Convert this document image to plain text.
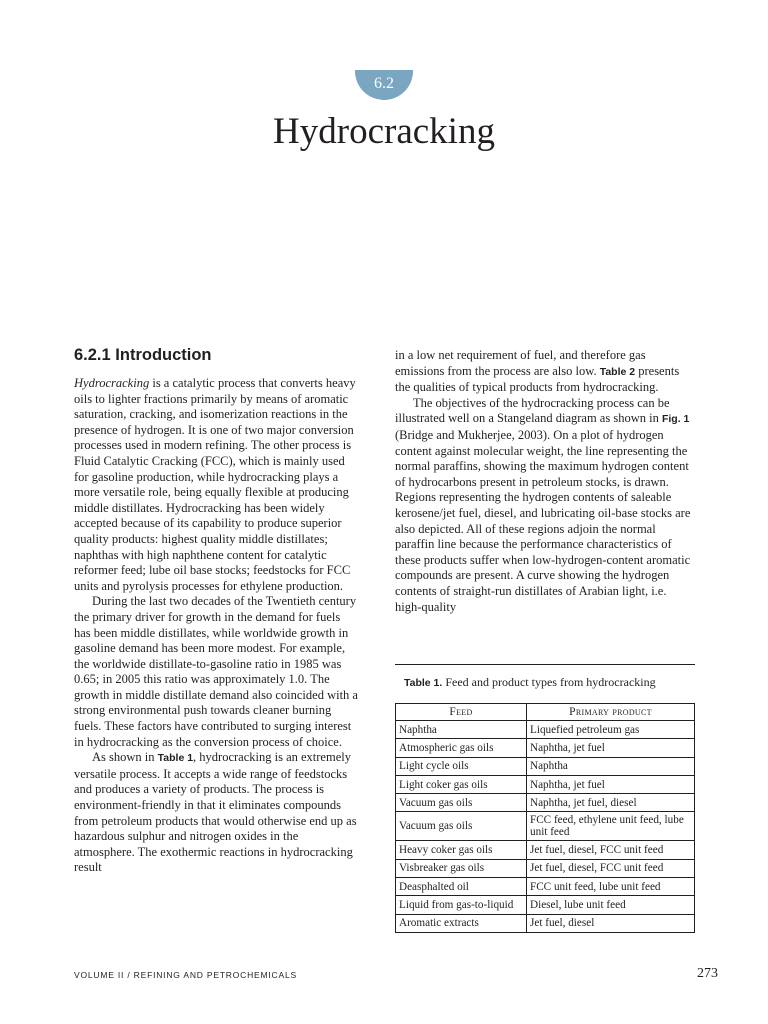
6.2
Hydrocracking
6.2.1 Introduction

Hydrocracking is a catalytic process that converts heavy oils to lighter fractions primarily by means of aromatic saturation, cracking, and isomerization reactions in the presence of hydrogen. It is one of two major conversion processes used in modern refining. The other process is Fluid Catalytic Cracking (FCC), which is mainly used for gasoline production, while hydrocracking plays a more versatile role, being equally flexible at producing middle distillates. Hydrocracking has been widely accepted because of its capability to produce superior quality products: highest quality middle distillates; naphthas with high naphthene content for catalytic reformer feed; lube oil base stocks; feedstocks for FCC units and pyrolysis processes for ethylene production.

During the last two decades of the Twentieth century the primary driver for growth in the demand for fuels has been middle distillates, while worldwide growth in gasoline demand has been more modest. For example, the worldwide distillate-to-gasoline ratio in 1985 was 0.65; in 2005 this ratio was approximately 1.0. The growth in middle distillate demand also coincided with a strong environmental push towards cleaner burning fuels. These factors have contributed to surging interest in hydrocracking as the conversion process of choice.

As shown in Table 1, hydrocracking is an extremely versatile process. It accepts a wide range of feedstocks and produces a variety of products. The process is environment-friendly in that it eliminates compounds from petroleum products that would otherwise end up as hazardous sulphur and nitrogen oxides in the atmosphere. The exothermic reactions in hydrocracking result

in a low net requirement of fuel, and therefore gas emissions from the process are also low. Table 2 presents the qualities of typical products from hydrocracking.

The objectives of the hydrocracking process can be illustrated well on a Stangeland diagram as shown in Fig. 1 (Bridge and Mukherjee, 2003). On a plot of hydrogen content against molecular weight, the line representing the normal paraffins, showing the maximum hydrogen content of hydrocarbons present in petroleum stocks, is drawn. Regions representing the hydrogen contents of saleable kerosene/jet fuel, diesel, and lubricating oil-base stocks are also depicted. All of these regions adjoin the normal paraffin line because the performance characteristics of these products suffer when low-hydrogen-content aromatic compounds are present. A curve showing the hydrogen contents of straight-run distillates of Arabian light, i.e. high-quality

Table 1. Feed and product types from hydrocracking
Feed	Primary product
Naphtha	Liquefied petroleum gas
Atmospheric gas oils	Naphtha, jet fuel
Light cycle oils	Naphtha
Light coker gas oils	Naphtha, jet fuel
Vacuum gas oils	Naphtha, jet fuel, diesel
Vacuum gas oils	FCC feed, ethylene unit feed, lube unit feed
Heavy coker gas oils	Jet fuel, diesel, FCC unit feed
Visbreaker gas oils	Jet fuel, diesel, FCC unit feed
Deasphalted oil	FCC unit feed, lube unit feed
Liquid from gas-to-liquid	Diesel, lube unit feed
Aromatic extracts	Jet fuel, diesel
VOLUME II / REFINING AND PETROCHEMICALS	273
